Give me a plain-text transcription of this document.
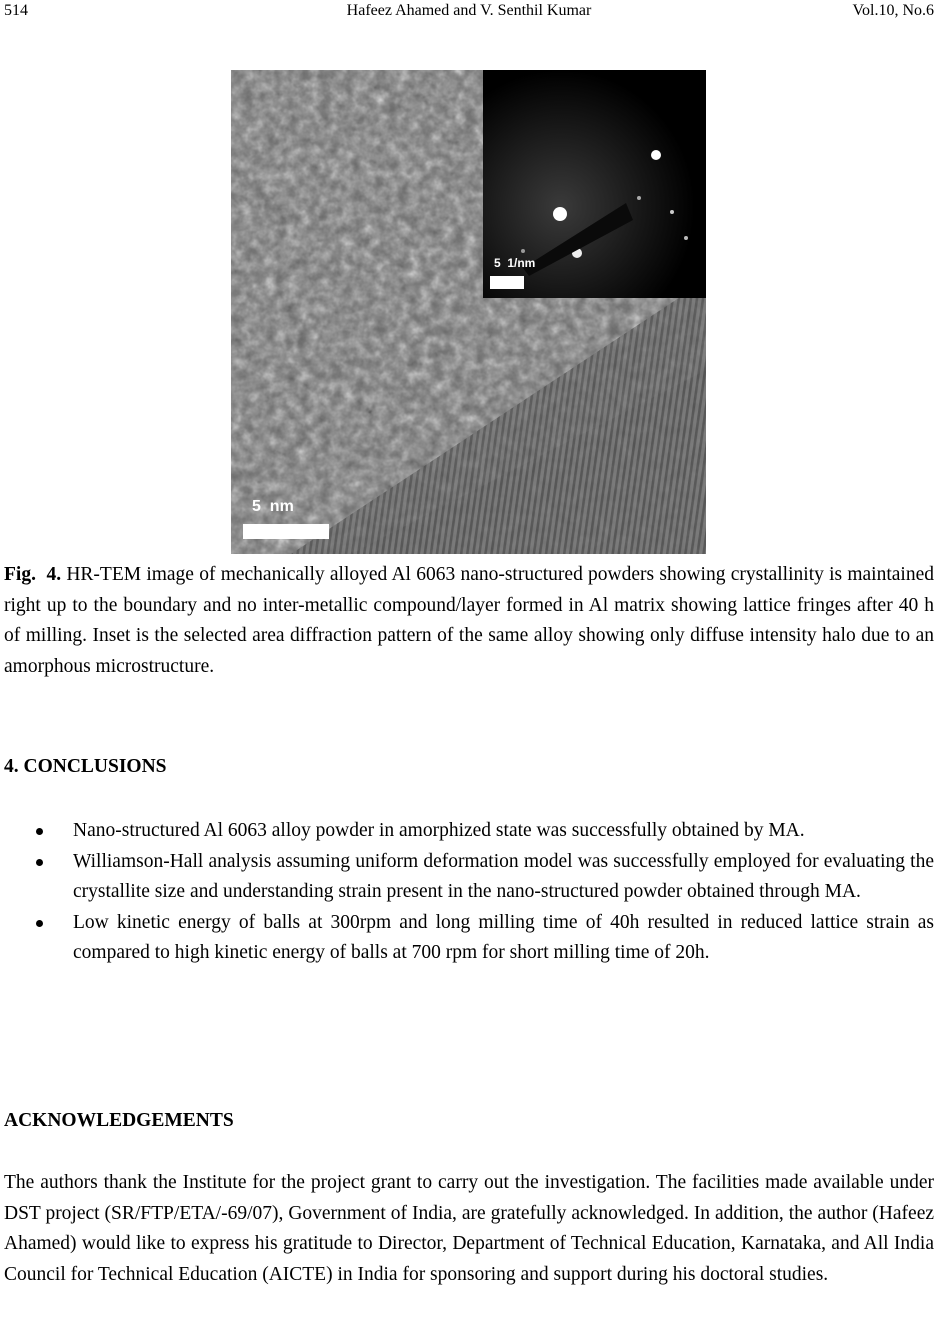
514	Hafeez Ahamed and V. Senthil Kumar	Vol.10, No.6
5  nm
5  1/nm

Fig.  4. HR-TEM image of mechanically alloyed Al 6063 nano-structured powders showing crystallinity is maintained right up to the boundary and no inter-metallic compound/layer formed in Al matrix showing lattice fringes after 40 h of milling. Inset is the selected area diffraction pattern of the same alloy showing only diffuse intensity halo due to an amorphous microstructure.

4. CONCLUSIONS
Nano-structured Al 6063 alloy powder in amorphized state was successfully obtained by MA.
Williamson-Hall analysis assuming uniform deformation model was successfully employed for evaluating the crystallite size and understanding strain present in the nano-structured powder obtained through MA.
Low kinetic energy of balls at 300rpm and long milling time of 40h resulted in reduced lattice strain as compared to high kinetic energy of balls at 700 rpm for short milling time of 20h.
ACKNOWLEDGEMENTS

The authors thank the Institute for the project grant to carry out the investigation. The facilities made available under DST project (SR/FTP/ETA/-69/07), Government of India, are gratefully acknowledged. In addition, the author (Hafeez Ahamed) would like to express his gratitude to Director, Department of Technical Education, Karnataka, and All India Council for Technical Education (AICTE) in India for sponsoring and support during his doctoral studies.
